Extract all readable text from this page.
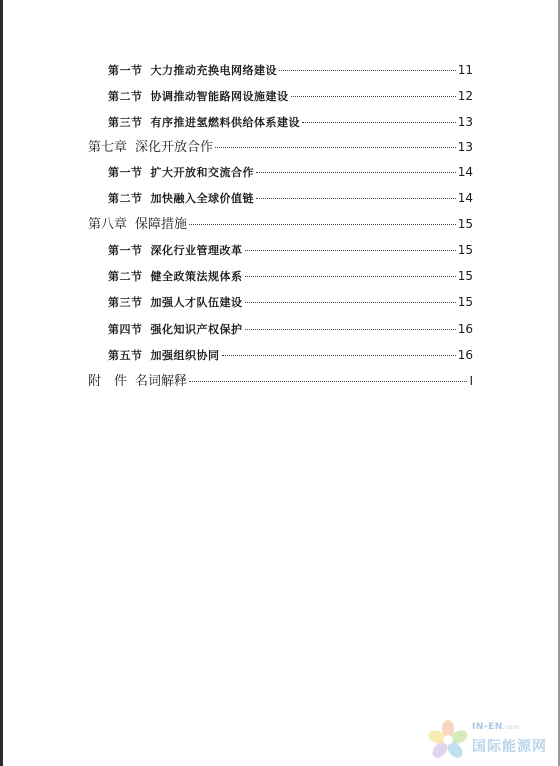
第一节 大力推动充换电网络建设	11
第二节 协调推动智能路网设施建设	12
第三节 有序推进氢燃料供给体系建设	13
第七章 深化开放合作	13
第一节 扩大开放和交流合作	14
第二节 加快融入全球价值链	14
第八章 保障措施	15
第一节 深化行业管理改革	15
第二节 健全政策法规体系	15
第三节 加强人才队伍建设	15
第四节 强化知识产权保护	16
第五节 加强组织协同	16
附　件 名词解释	I
IN-EN.com
国际能源网
